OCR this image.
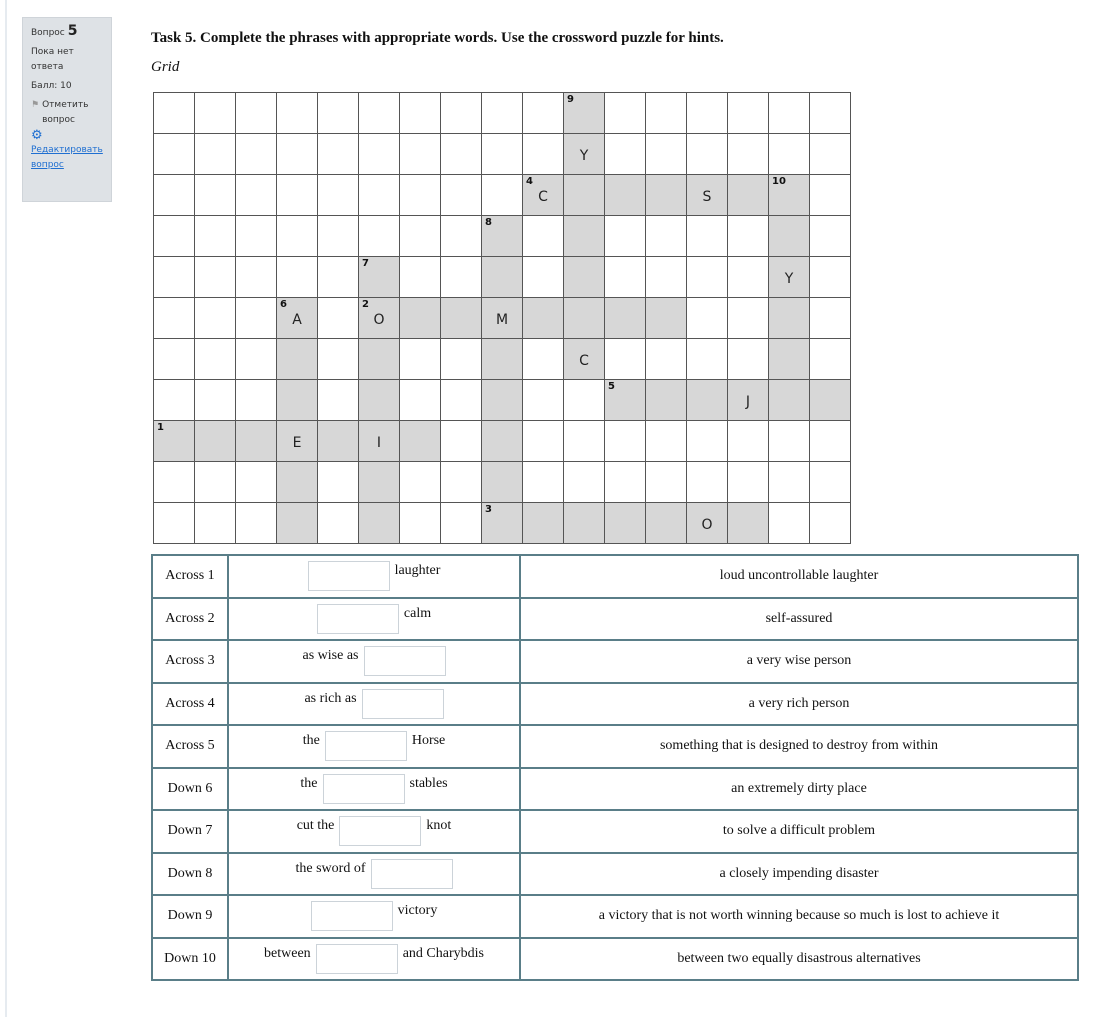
Вопрос 5
Пока нет ответа
Балл: 10
⚑ Отметить вопрос
⚙
Редактировать вопрос
Task 5. Complete the phrases with appropriate words. Use the crossword puzzle for hints.
Grid
9
Y
4
C	S
10
8
7
Y
6
A
2
O	M
C
5
J
1
E	I
3
O
Across 1	laughter	loud uncontrollable laughter
Across 2	calm	self-assured
Across 3	as wise as	a very wise person
Across 4	as rich as	a very rich person
Across 5	the Horse	something that is designed to destroy from within
Down 6	the stables	an extremely dirty place
Down 7	cut the knot	to solve a difficult problem
Down 8	the sword of	a closely impending disaster
Down 9	victory	a victory that is not worth winning because so much is lost to achieve it
Down 10	between and Charybdis	between two equally disastrous alternatives
